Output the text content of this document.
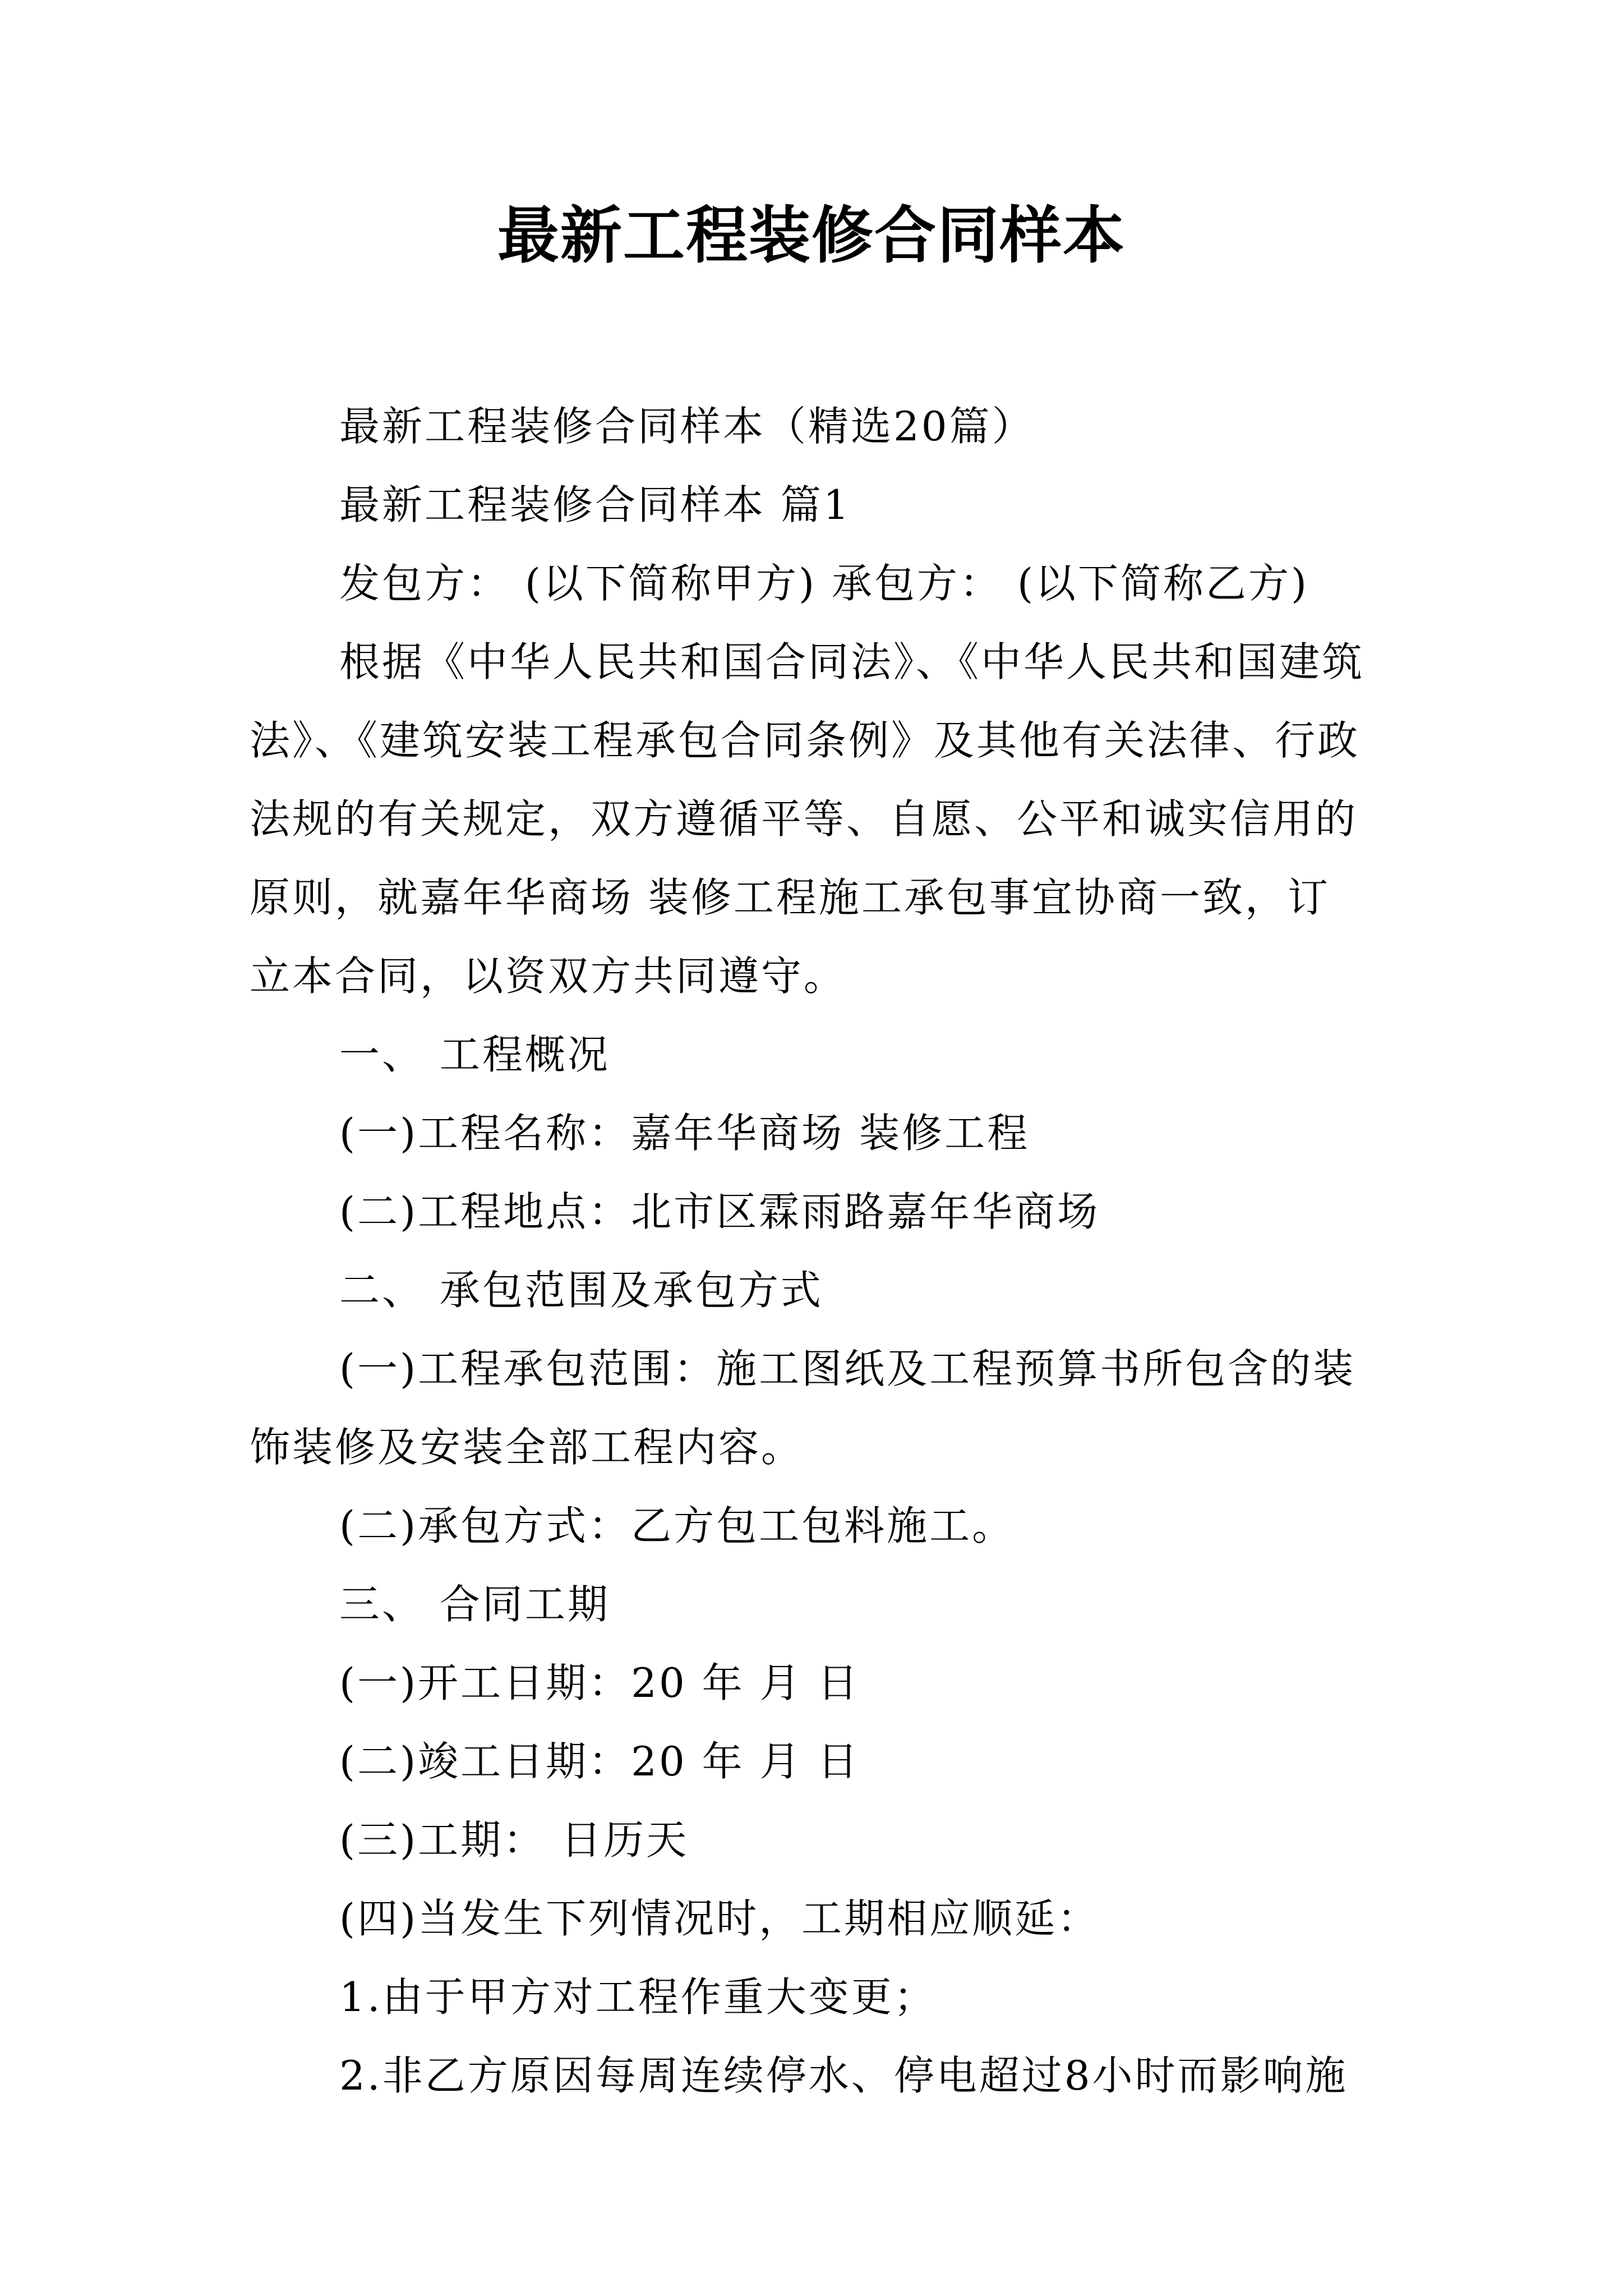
最新工程装修合同样本
最新工程装修合同样本（精选20篇）
最新工程装修合同样本 篇1
发包方： (以下简称甲方) 承包方： (以下简称乙方)
根据《中华人民共和国合同法》、《中华人民共和国建筑
法》、《建筑安装工程承包合同条例》及其他有关法律、行政
法规的有关规定，双方遵循平等、自愿、公平和诚实信用的
原则，就嘉年华商场 装修工程施工承包事宜协商一致，订
立本合同，以资双方共同遵守。
一、 工程概况
(一)工程名称：嘉年华商场 装修工程
(二)工程地点：北市区霖雨路嘉年华商场
二、 承包范围及承包方式
(一)工程承包范围：施工图纸及工程预算书所包含的装
饰装修及安装全部工程内容。
(二)承包方式：乙方包工包料施工。
三、 合同工期
(一)开工日期：20 年 月 日
(二)竣工日期：20 年 月 日
(三)工期： 日历天
(四)当发生下列情况时，工期相应顺延：
1.由于甲方对工程作重大变更；
2.非乙方原因每周连续停水、停电超过8小时而影响施
